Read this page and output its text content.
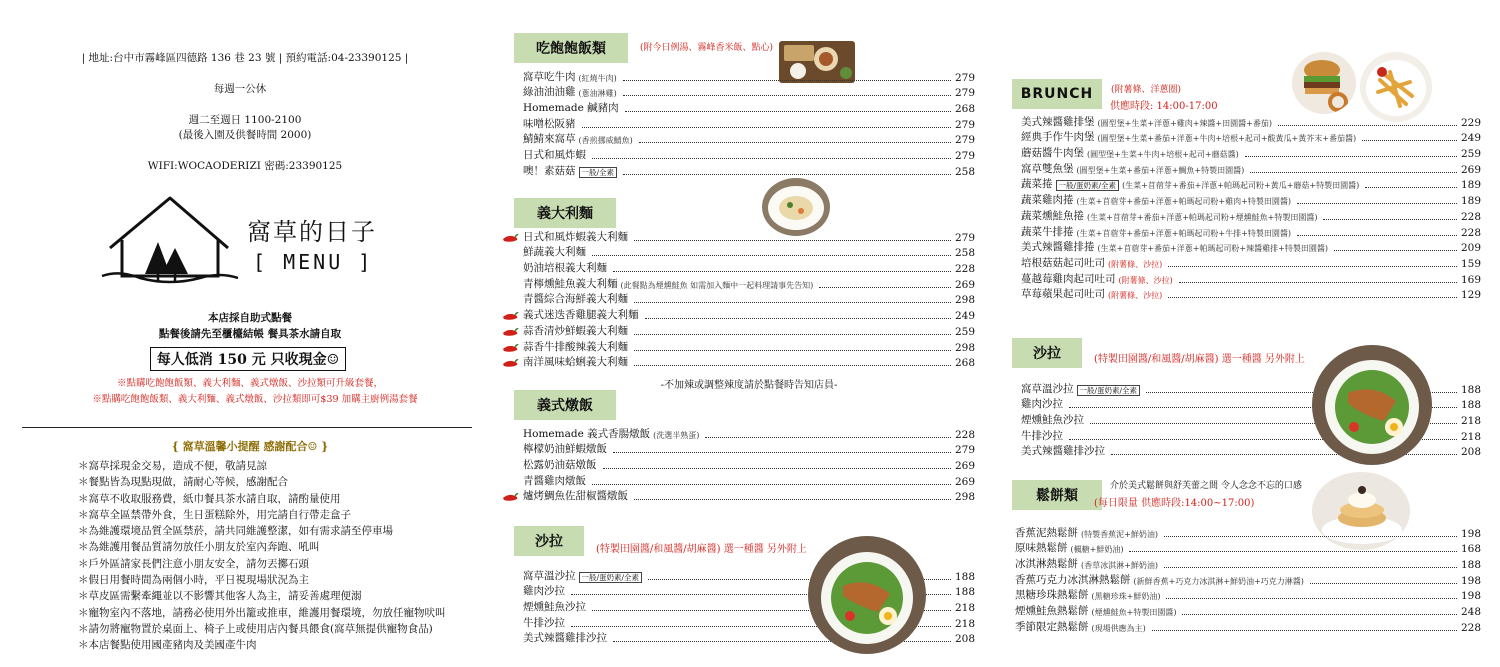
| 地址:台中市霧峰區四德路 136 巷 23 號 | 預約電話:04-23390125 |
每週一公休
週二至週日 1100-2100
(最後入園及供餐時間 2000)
WIFI:WOCAODERIZI 密碼:23390125
窩草的日子
[ MENU ]
本店採自助式點餐
點餐後請先至櫃檯結帳 餐具茶水請自取
每人低消 150 元 只收現金☺
※點購吃飽飽飯類、義大利麵、義式燉飯、沙拉類可升級套餐，
※點購吃飽飽飯類、義大利麵、義式燉飯、沙拉類即可$39 加購主廚例湯套餐
{ 窩草溫馨小提醒 感謝配合☺ }
＊窩草採現金交易，造成不便，敬請見諒
＊餐點皆為現點現做，請耐心等候，感謝配合
＊窩草不收取服務費，紙巾餐具茶水請自取，請酌量使用
＊窩草全區禁帶外食，生日蛋糕除外，用完請自行帶走盒子
＊為維護環境品質全區禁菸，請共同維護整潔，如有需求請至停車場
＊為維護用餐品質請勿放任小朋友於室內奔跑、吼叫
＊戶外區請家長們注意小朋友安全，請勿丟擲石頭
＊假日用餐時間為兩個小時，平日視現場狀況為主
＊草皮區需繫牽繩並以不影響其他客人為主，請妥善處理便溺
＊寵物室內不落地，請務必使用外出籠或推車，維護用餐環境，勿放任寵物吠叫
＊請勿將寵物置於桌面上、椅子上或使用店內餐具餵食(窩草無提供寵物食品)
＊本店餐點使用國產豬肉及美國產牛肉
吃飽飽飯類	(附今日例湯、霧峰香米飯、點心)
窩草吃牛肉 (紅燒牛肉)	279
綠油油油雞 (蔥油淋雞)	279
Homemade 鹹豬肉	268
味噌松阪豬	279
鯖鯖來窩草 (香煎挪威鯖魚)	279
日式和風炸蝦	279
噢！素菇菇 一般/全素	258
義大利麵
日式和風炸蝦義大利麵	279
鮮蔬義大利麵	258
奶油培根義大利麵	228
青檸燻鮭魚義大利麵 (此餐點為煙燻鮭魚 如需加入麵中一起料理請事先告知)	269
青醬綜合海鮮義大利麵	298
義式迷迭香雞腿義大利麵	249
蒜香清炒鮮蝦義大利麵	259
蒜香牛排酸辣義大利麵	298
南洋風味蛤蜊義大利麵	268
-不加辣或調整辣度請於點餐時告知店員-
義式燉飯
Homemade 義式香腸燉飯 (洗選半熟蛋)	228
檸檬奶油鮮蝦燉飯	279
松露奶油菇燉飯	269
青醬雞肉燉飯	269
爐烤鯛魚佐甜椒醬燉飯	298
沙拉	(特製田園醬/和風醬/胡麻醬) 選一種醬 另外附上
窩草溫沙拉 一般/蛋奶素/全素	188
雞肉沙拉	188
煙燻鮭魚沙拉	218
牛排沙拉	218
美式辣醬雞排沙拉	208
BRUNCH	(附薯條、洋蔥圈)
供應時段: 14:00-17:00
美式辣醬雞排堡 (圓型堡+生菜+洋蔥+雞肉+辣醬+田園醬+番茄)	229
經典手作牛肉堡 (圓型堡+生菜+番茄+洋蔥+牛肉+培根+起司+酸黃瓜+黃芥末+番茄醬)	249
蘑菇醬牛肉堡 (圓型堡+生菜+牛肉+培根+起司+蘑菇醬)	259
窩草雙魚堡 (圓型堡+生菜+番茄+洋蔥+鯛魚+特製田園醬)	269
蔬菜捲 一般/蛋奶素/全素 (生菜+苜蓿芽+番茄+洋蔥+帕瑪起司粉+黃瓜+蘑菇+特製田園醬)	189
蔬菜雞肉捲 (生菜+苜蓿芽+番茄+洋蔥+帕瑪起司粉+雞肉+特製田園醬)	189
蔬菜燻鮭魚捲 (生菜+苜蓿芽+番茄+洋蔥+帕瑪起司粉+煙燻鮭魚+特製田園醬)	228
蔬菜牛排捲 (生菜+苜蓿芽+番茄+洋蔥+帕瑪起司粉+牛排+特製田園醬)	228
美式辣醬雞排捲 (生菜+苜蓿芽+番茄+洋蔥+帕瑪起司粉+辣醬雞排+特製田園醬)	209
培根菇菇起司吐司 (附薯條、沙拉)	159
蔓越莓雞肉起司吐司 (附薯條、沙拉)	169
草莓蘋果起司吐司 (附薯條、沙拉)	129
沙拉	(特製田園醬/和風醬/胡麻醬) 選一種醬 另外附上
窩草溫沙拉 一般/蛋奶素/全素	188
雞肉沙拉	188
煙燻鮭魚沙拉	218
牛排沙拉	218
美式辣醬雞排沙拉	208
鬆餅類
介於美式鬆餅與舒芙蕾之間 令人念念不忘的口感
(每日限量 供應時段:14:00~17:00)
香蕉泥熱鬆餅 (特製香蕉泥+鮮奶油)	198
原味熱鬆餅 (楓糖+鮮奶油)	168
冰淇淋熱鬆餅 (香草冰淇淋+鮮奶油)	188
香蕉巧克力冰淇淋熱鬆餅 (新鮮香蕉+巧克力冰淇淋+鮮奶油+巧克力淋醬)	198
黑糖珍珠熱鬆餅 (黑糖珍珠+鮮奶油)	198
煙燻鮭魚熱鬆餅 (煙燻鮭魚+特製田園醬)	248
季節限定熱鬆餅 (現場供應為主)	228
